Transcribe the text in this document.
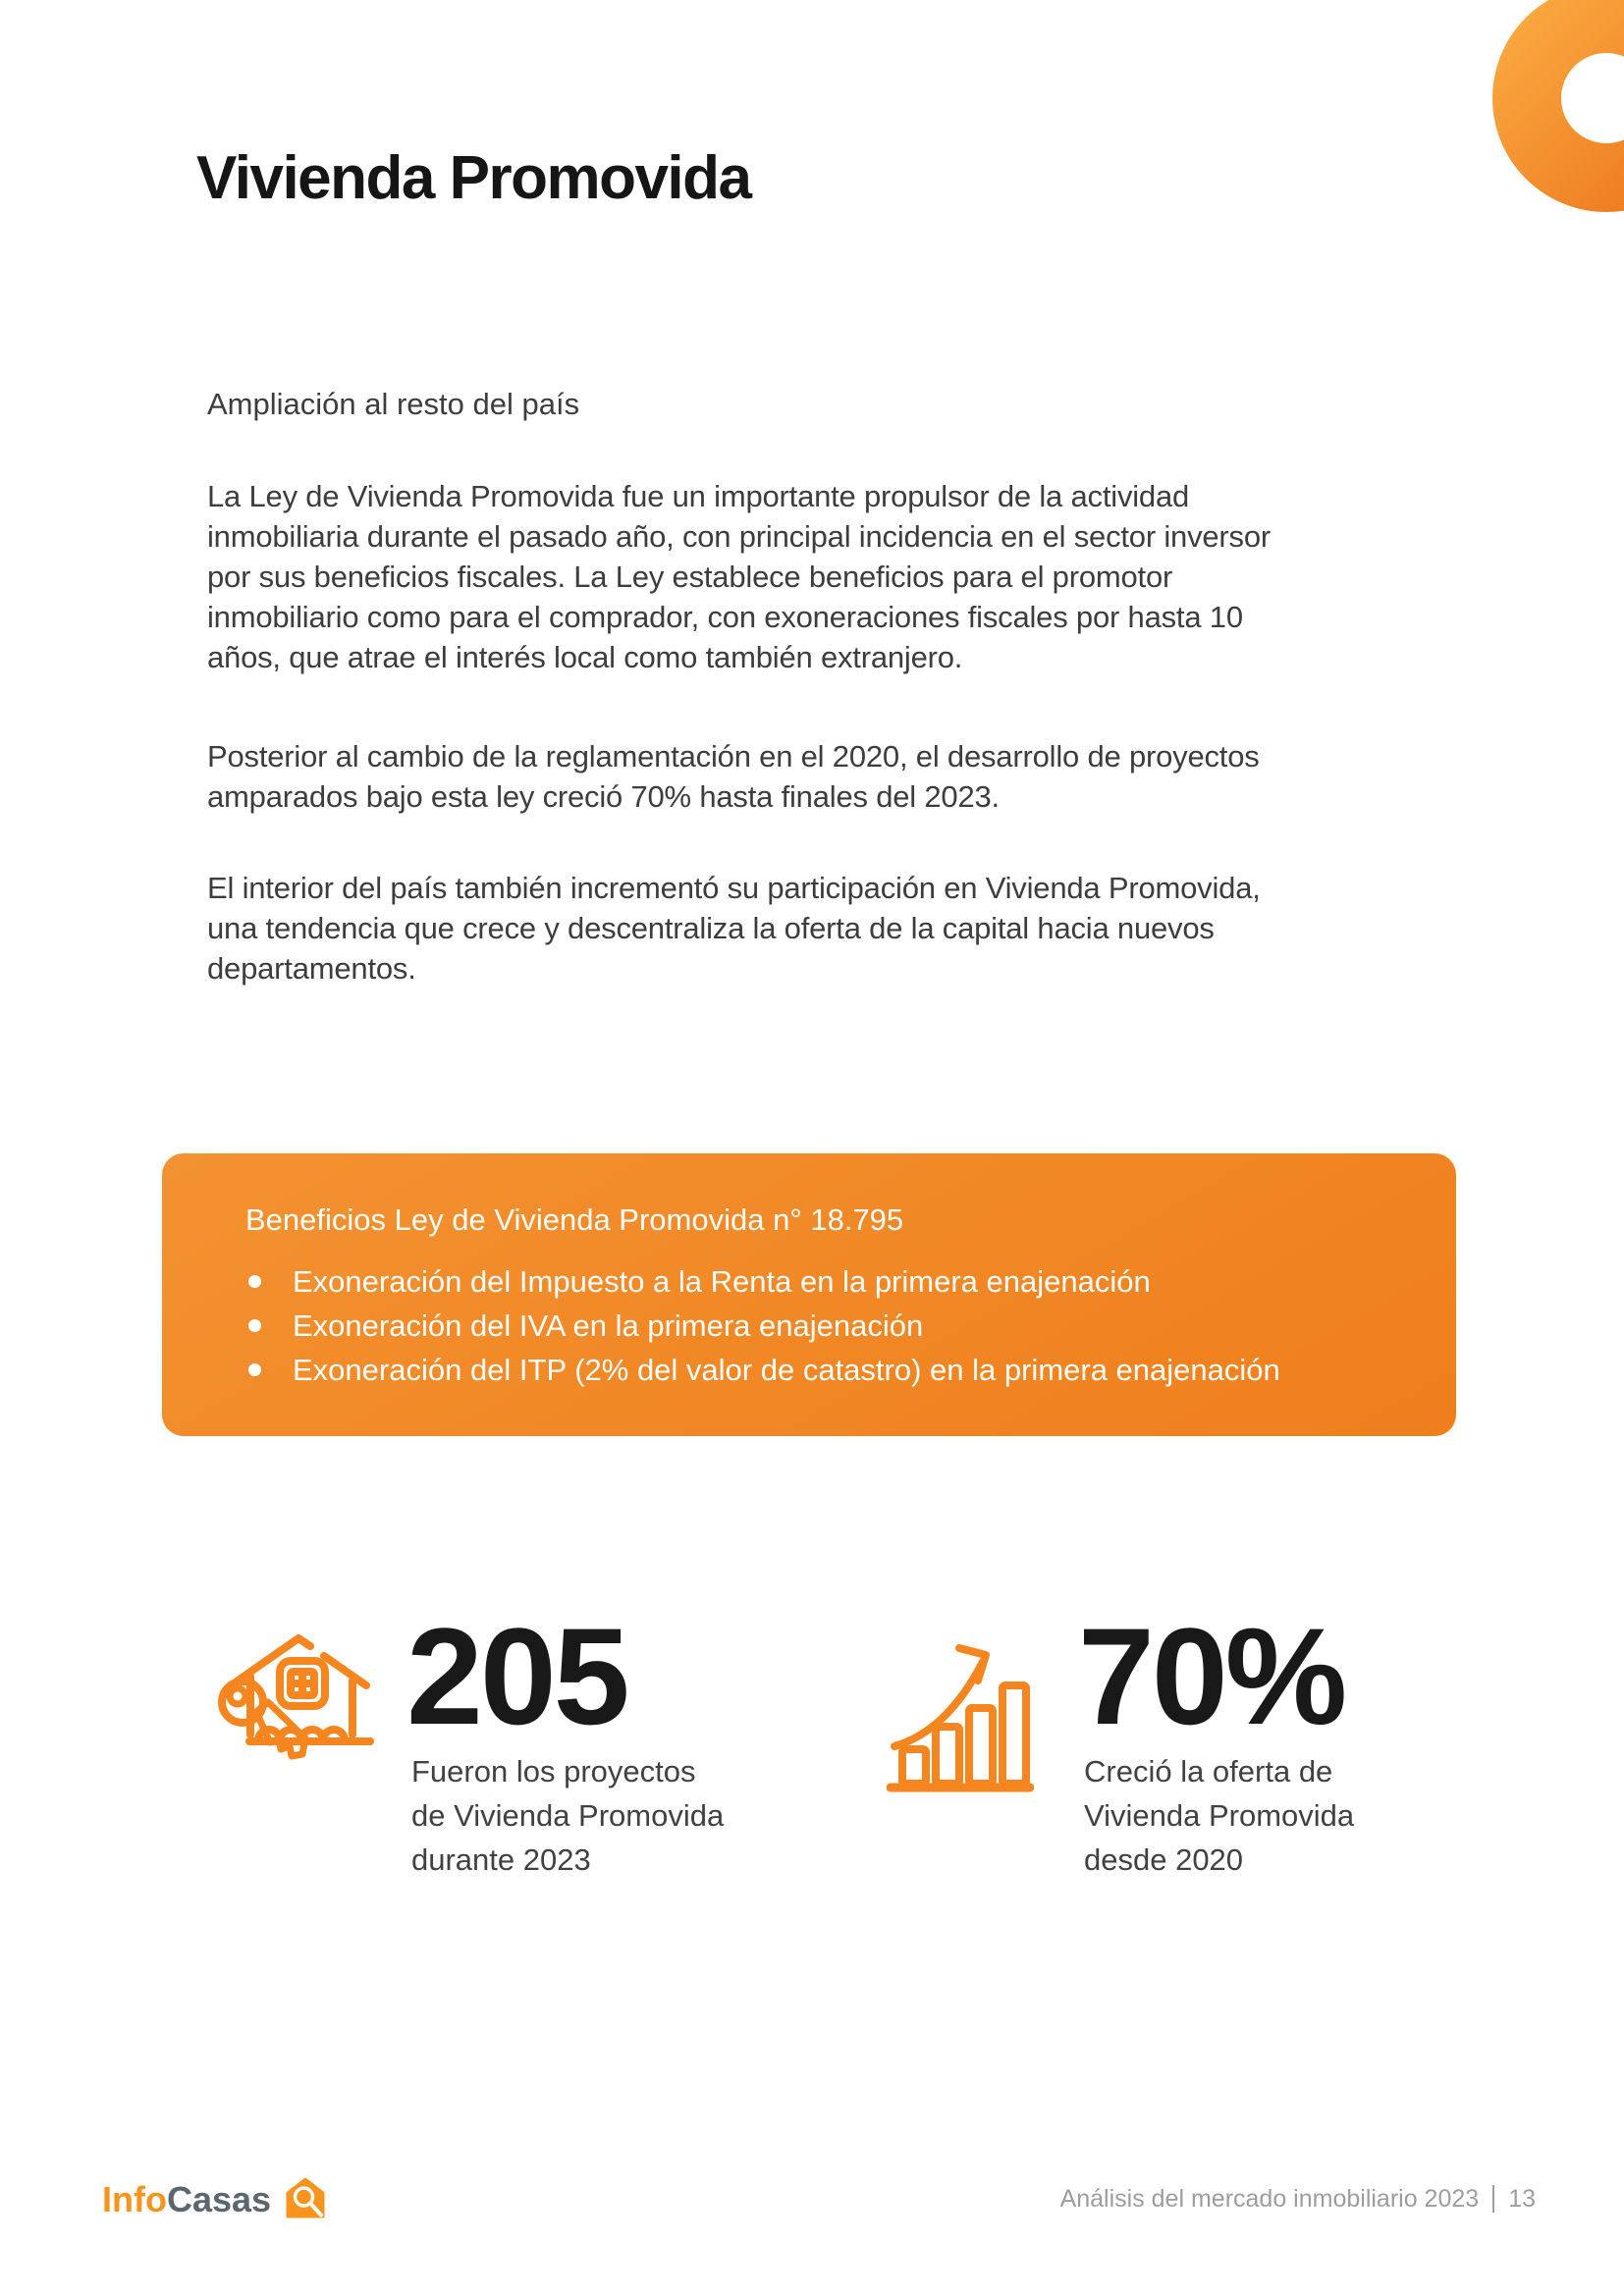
Vivienda Promovida
Ampliación al resto del país
La Ley de Vivienda Promovida fue un importante propulsor de la actividad
inmobiliaria durante el pasado año, con principal incidencia en el sector inversor
por sus beneficios fiscales. La Ley establece beneficios para el promotor
inmobiliario como para el comprador, con exoneraciones fiscales por hasta 10
años, que atrae el interés local como también extranjero.
Posterior al cambio de la reglamentación en el 2020, el desarrollo de proyectos
amparados bajo esta ley creció 70% hasta finales del 2023.
El interior del país también incrementó su participación en Vivienda Promovida,
una tendencia que crece y descentraliza la oferta de la capital hacia nuevos
departamentos.
Beneficios Ley de Vivienda Promovida n° 18.795
Exoneración del Impuesto a la Renta en la primera enajenación
Exoneración del IVA en la primera enajenación
Exoneración del ITP (2% del valor de catastro) en la primera enajenación
205
Fueron los proyectos
de Vivienda Promovida
durante 2023
70%
Creció la oferta de
Vivienda Promovida
desde 2020
InfoCasas	Análisis del mercado inmobiliario 2023 13
